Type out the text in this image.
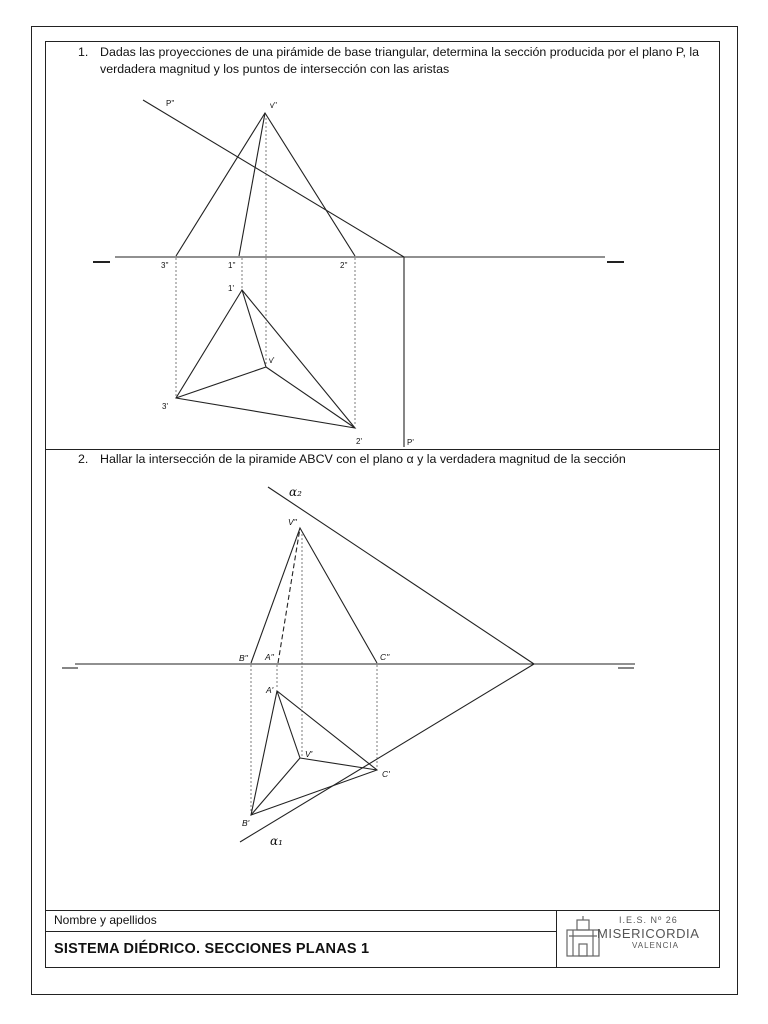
1. Dadas las proyecciones de una pirámide de base triangular, determina la sección producida por el plano P, la verdadera magnitud y los puntos de intersección con las aristas
2. Hallar la intersección de la piramide ABCV con el plano α y la verdadera magnitud de la sección
P''	v''
3''	1''	2''
1'
v'
3'
2'	P'
α₂
V''
B'' A''	C''
A'
V'
C'
B'
α₁
Nombre y apellidos
SISTEMA DIÉDRICO. SECCIONES PLANAS 1
I.E.S. Nº 26
MISERICORDIA
VALENCIA
